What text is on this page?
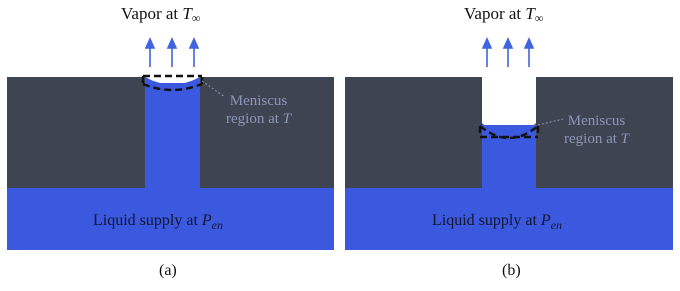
Vapor at $T_\infty$
Meniscus
region at T
Liquid supply at $P_{en}$
(a)
Vapor at $T_\infty$
Meniscus
region at T
Liquid supply at $P_{en}$
(b)
